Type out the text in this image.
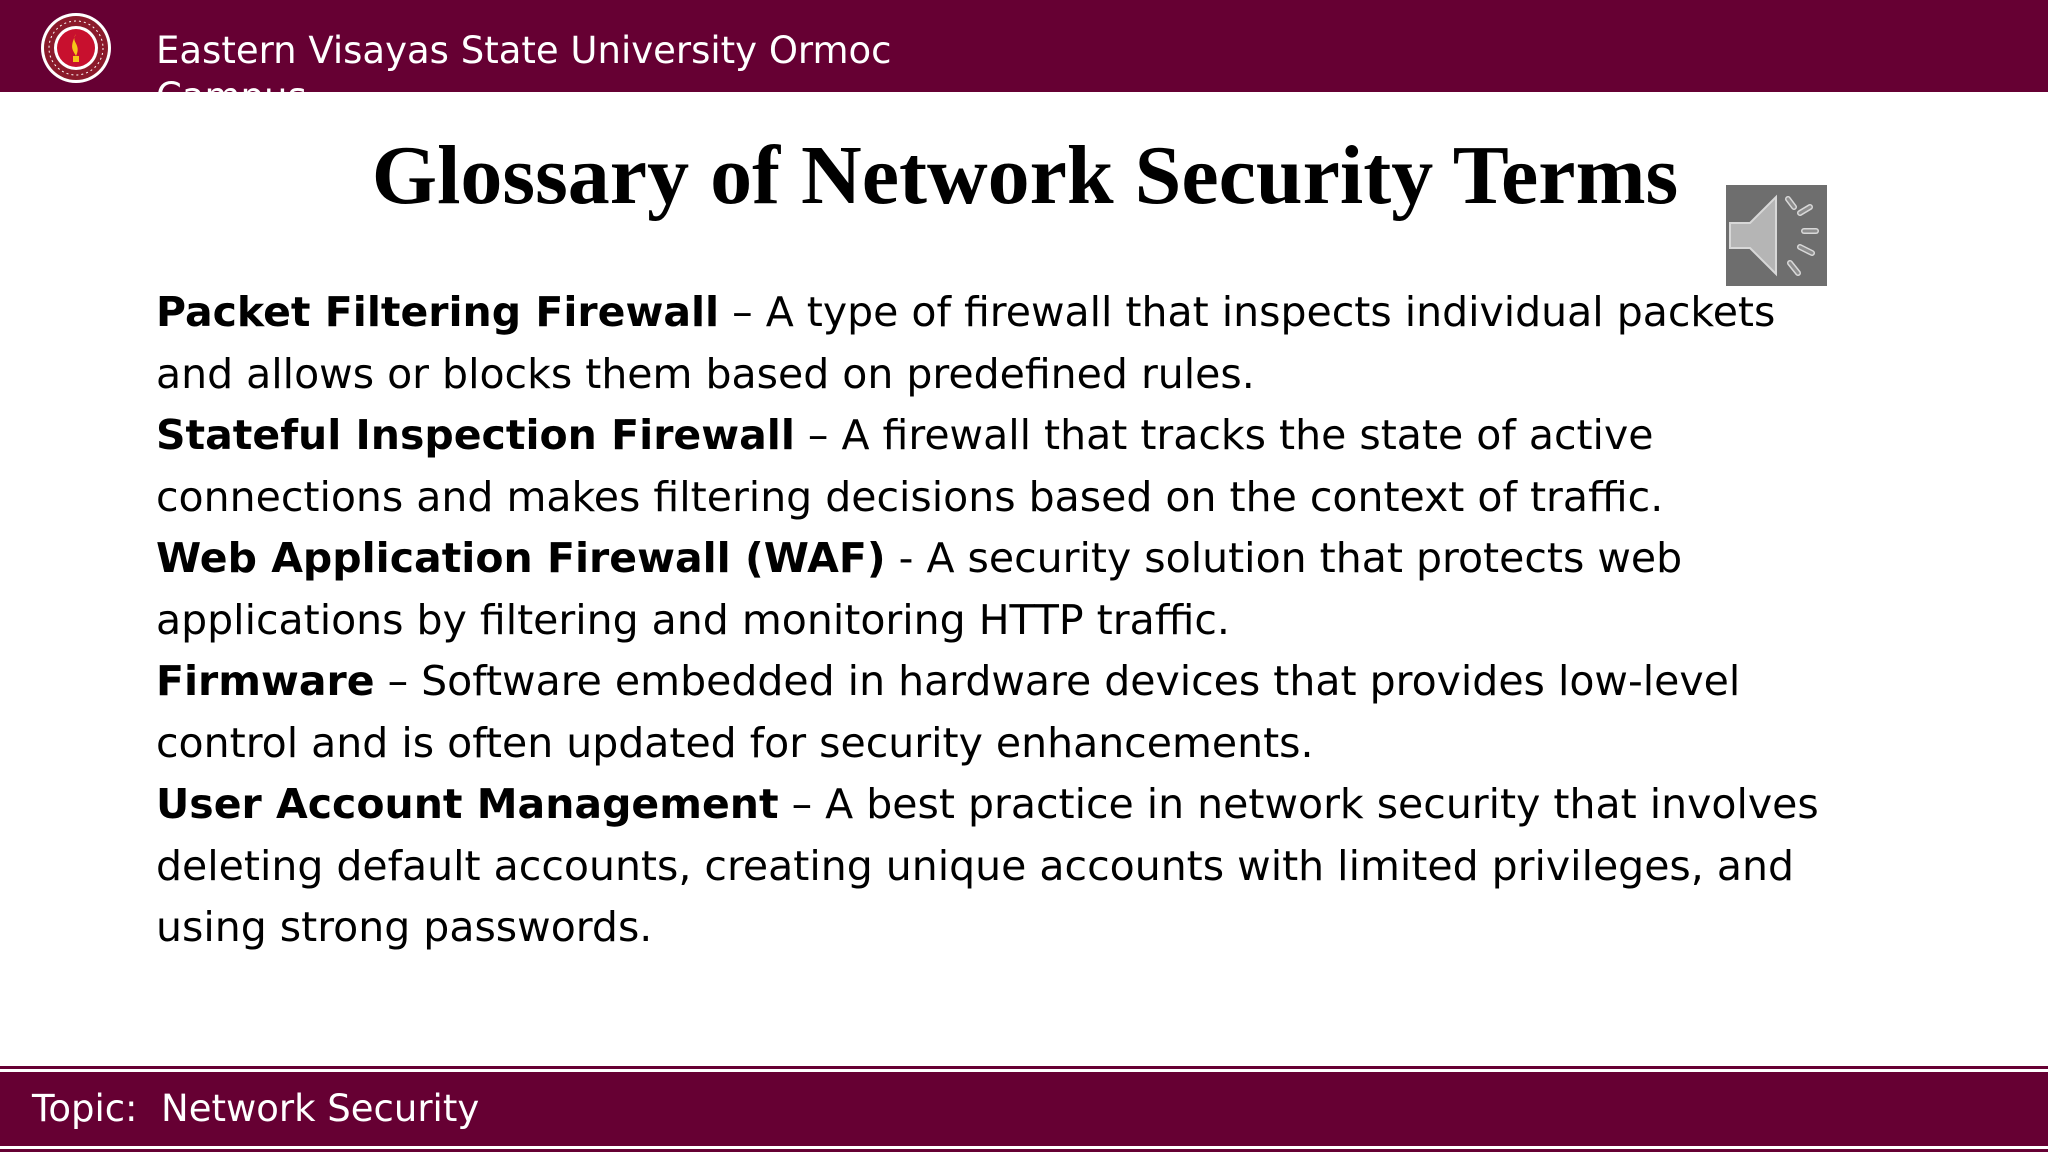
Eastern Visayas State University Ormoc Campus
Glossary of Network Security Terms

Packet Filtering Firewall – A type of firewall that inspects individual packets and allows or blocks them based on predefined rules.

Stateful Inspection Firewall – A firewall that tracks the state of active connections and makes filtering decisions based on the context of traffic.

Web Application Firewall (WAF) - A security solution that protects web applications by filtering and monitoring HTTP traffic.

Firmware – Software embedded in hardware devices that provides low-level control and is often updated for security enhancements.

User Account Management – A best practice in network security that involves deleting default accounts, creating unique accounts with limited privileges, and using strong passwords.

Topic:  Network Security
